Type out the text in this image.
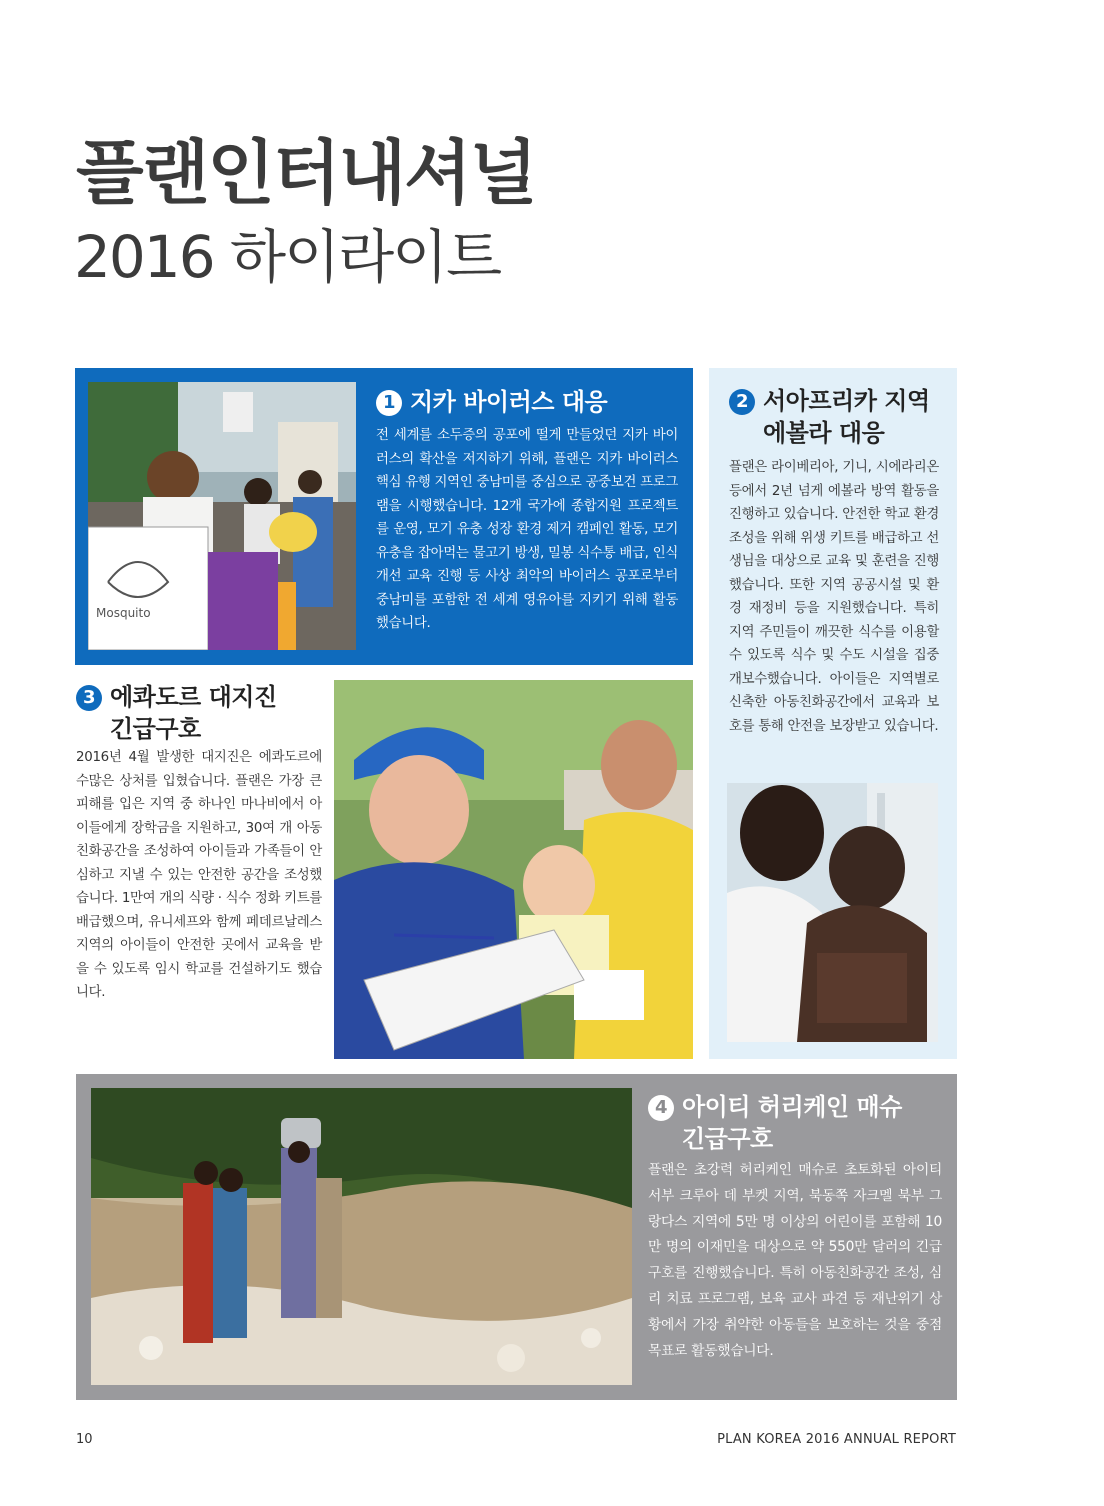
플랜인터내셔널
2016 하이라이트
Mosquito
1 지카 바이러스 대응

전 세계를 소두증의 공포에 떨게 만들었던 지카 바이러스의 확산을 저지하기 위해, 플랜은 지카 바이러스 핵심 유행 지역인 중남미를 중심으로 공중보건 프로그램을 시행했습니다. 12개 국가에 종합지원 프로젝트를 운영, 모기 유충 성장 환경 제거 캠페인 활동, 모기 유충을 잡아먹는 물고기 방생, 밀봉 식수통 배급, 인식 개선 교육 진행 등 사상 최악의 바이러스 공포로부터 중남미를 포함한 전 세계 영유아를 지키기 위해 활동했습니다.

2 서아프리카 지역
에볼라 대응

플랜은 라이베리아, 기니, 시에라리온 등에서 2년 넘게 에볼라 방역 활동을 진행하고 있습니다. 안전한 학교 환경 조성을 위해 위생 키트를 배급하고 선생님을 대상으로 교육 및 훈련을 진행했습니다. 또한 지역 공공시설 및 환경 재정비 등을 지원했습니다. 특히 지역 주민들이 깨끗한 식수를 이용할 수 있도록 식수 및 수도 시설을 집중 개보수했습니다. 아이들은 지역별로 신축한 아동친화공간에서 교육과 보호를 통해 안전을 보장받고 있습니다.

3 에콰도르 대지진
긴급구호

2016년 4월 발생한 대지진은 에콰도르에 수많은 상처를 입혔습니다. 플랜은 가장 큰 피해를 입은 지역 중 하나인 마나비에서 아이들에게 장학금을 지원하고, 30여 개 아동친화공간을 조성하여 아이들과 가족들이 안심하고 지낼 수 있는 안전한 공간을 조성했습니다. 1만여 개의 식량 · 식수 정화 키트를 배급했으며, 유니세프와 함께 페데르날레스 지역의 아이들이 안전한 곳에서 교육을 받을 수 있도록 임시 학교를 건설하기도 했습니다.

4 아이티 허리케인 매슈
긴급구호

플랜은 초강력 허리케인 매슈로 초토화된 아이티 서부 크루아 데 부켓 지역, 북동쪽 자크멜 북부 그랑다스 지역에 5만 명 이상의 어린이를 포함해 10만 명의 이재민을 대상으로 약 550만 달러의 긴급구호를 진행했습니다. 특히 아동친화공간 조성, 심리 치료 프로그램, 보육 교사 파견 등 재난위기 상황에서 가장 취약한 아동들을 보호하는 것을 중점 목표로 활동했습니다.

10	PLAN KOREA 2016 ANNUAL REPORT
